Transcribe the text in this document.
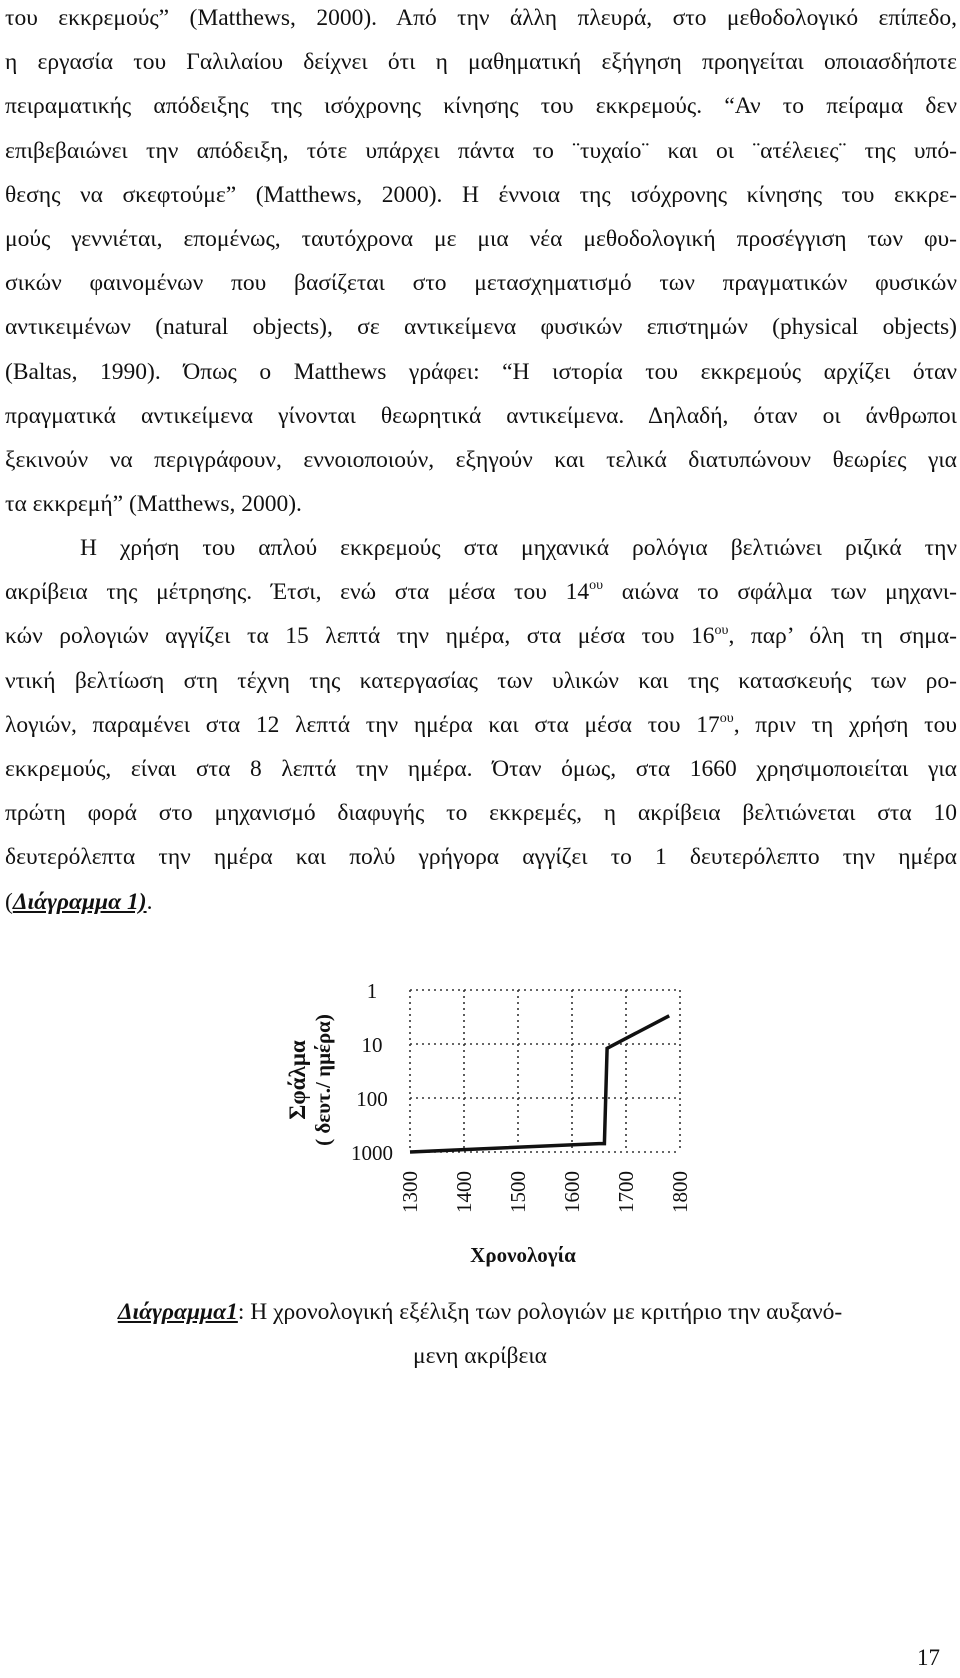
του εκκρεμούς” (Matthews, 2000). Από την άλλη πλευρά, στο μεθοδολογικό επίπεδο,
η εργασία του Γαλιλαίου δείχνει ότι η μαθηματική εξήγηση προηγείται οποιασδήποτε
πειραματικής απόδειξης της ισόχρονης κίνησης του εκκρεμούς. “Αν το πείραμα δεν
επιβεβαιώνει την απόδειξη, τότε υπάρχει πάντα το ¨τυχαίο¨ και οι ¨ατέλειες¨ της υπό-
θεσης να σκεφτούμε” (Matthews, 2000). Η έννοια της ισόχρονης κίνησης του εκκρε-
μούς γεννιέται, επομένως, ταυτόχρονα με μια νέα μεθοδολογική προσέγγιση των φυ-
σικών φαινομένων που βασίζεται στο μετασχηματισμό των πραγματικών φυσικών
αντικειμένων (natural objects), σε αντικείμενα φυσικών επιστημών (physical objects)
(Baltas, 1990). Όπως ο Matthews γράφει: “Η ιστορία του εκκρεμούς αρχίζει όταν
πραγματικά αντικείμενα γίνονται θεωρητικά αντικείμενα. Δηλαδή, όταν οι άνθρωποι
ξεκινούν να περιγράφουν, εννοιοποιούν, εξηγούν και τελικά διατυπώνουν θεωρίες για
τα εκκρεμή” (Matthews, 2000).
Η χρήση του απλού εκκρεμούς στα μηχανικά ρολόγια βελτιώνει ριζικά την
ακρίβεια της μέτρησης. Έτσι, ενώ στα μέσα του $14^{o\upsilon}$ αιώνα το σφάλμα των μηχανι-
κών ρολογιών αγγίζει τα 15 λεπτά την ημέρα, στα μέσα του $16^{o\upsilon}$, παρ’ όλη τη σημα-
ντική βελτίωση στη τέχνη της κατεργασίας των υλικών και της κατασκευής των ρο-
λογιών, παραμένει στα 12 λεπτά την ημέρα και στα μέσα του $17^{o\upsilon}$, πριν τη χρήση του
εκκρεμούς, είναι στα 8 λεπτά την ημέρα. Όταν όμως, στα 1660 χρησιμοποιείται για
πρώτη φορά στο μηχανισμό διαφυγής το εκκρεμές, η ακρίβεια βελτιώνεται στα 10
δευτερόλεπτα την ημέρα και πολύ γρήγορα αγγίζει το 1 δευτερόλεπτο την ημέρα
(Διάγραμμα 1).
1
10
100
1000
1300 1400 1500 1600 1700 1800
Σφάλμα ( δευτ./ ημέρα)
Χρονολογία
Διάγραμμα1: Η χρονολογική εξέλιξη των ρολογιών με κριτήριο την αυξανό-
μενη ακρίβεια
17
